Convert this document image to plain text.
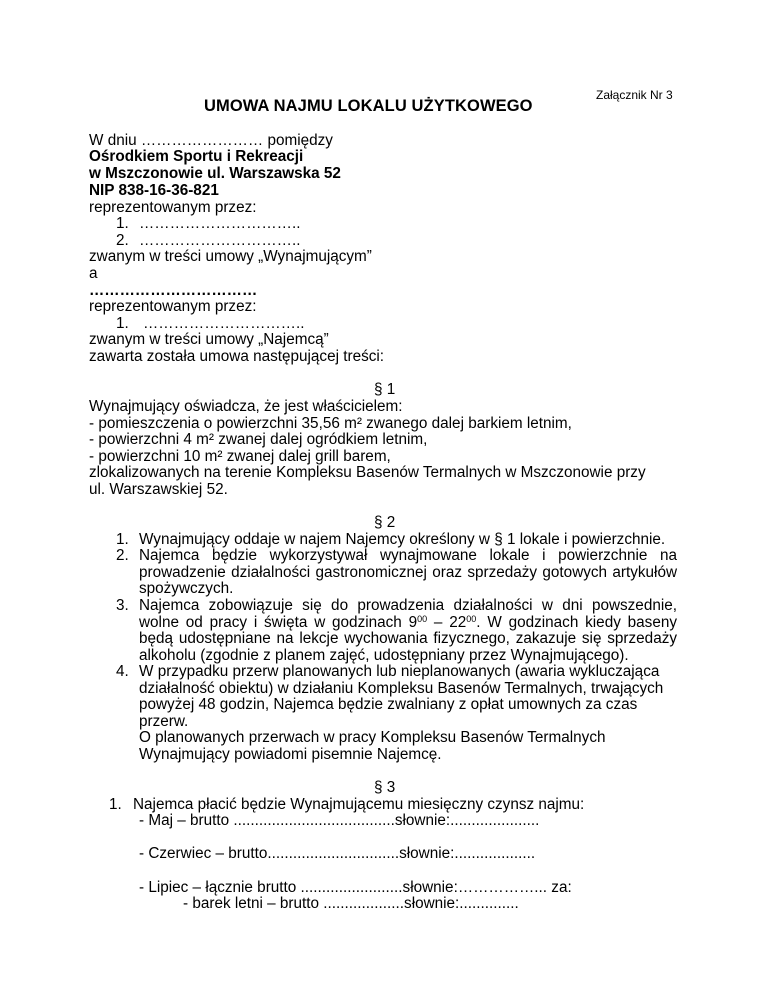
Załącznik Nr 3
UMOWA NAJMU LOKALU UŻYTKOWEGO
W dniu …………………… pomiędzy
Ośrodkiem Sportu i Rekreacji
w Mszczonowie ul. Warszawska 52
NIP 838-16-36-821
reprezentowanym przez:
1. …………………………..
2. …………………………..
zwanym w treści umowy „Wynajmującym”
a
……………………………
reprezentowanym przez:
1. …………………………..
zwanym w treści umowy „Najemcą”
zawarta została umowa następującej treści:
§ 1
Wynajmujący oświadcza, że jest właścicielem:
- pomieszczenia o powierzchni 35,56 m² zwanego dalej barkiem letnim,
- powierzchni 4 m² zwanej dalej ogródkiem letnim,
- powierzchni 10 m² zwanej dalej grill barem,
zlokalizowanych na terenie Kompleksu Basenów Termalnych w Mszczonowie przy
ul. Warszawskiej 52.
§ 2
1. Wynajmujący oddaje w najem Najemcy określony w § 1 lokale i powierzchnie.
2. Najemca będzie wykorzystywał wynajmowane lokale i powierzchnie na prowadzenie działalności gastronomicznej oraz sprzedaży gotowych artykułów spożywczych.
3. Najemca zobowiązuje się do prowadzenia działalności w dni powszednie, wolne od pracy i święta w godzinach $9^{00} - 22^{00}$. W godzinach kiedy baseny będą udostępniane na lekcje wychowania fizycznego, zakazuje się sprzedaży alkoholu (zgodnie z planem zajęć, udostępniany przez Wynajmującego).
4. W przypadku przerw planowanych lub nieplanowanych (awaria wykluczająca
działalność obiektu) w działaniu Kompleksu Basenów Termalnych, trwających
powyżej 48 godzin, Najemca będzie zwalniany z opłat umownych za czas
przerw.
O planowanych przerwach w pracy Kompleksu Basenów Termalnych
Wynajmujący powiadomi pisemnie Najemcę.
§ 3
1. Najemca płacić będzie Wynajmującemu miesięczny czynsz najmu:
- Maj – brutto ......................................słownie:.....................
- Czerwiec – brutto...............................słownie:...................
- Lipiec – łącznie brutto ........................słownie:……………... za:
- barek letni – brutto ...................słownie:..............
